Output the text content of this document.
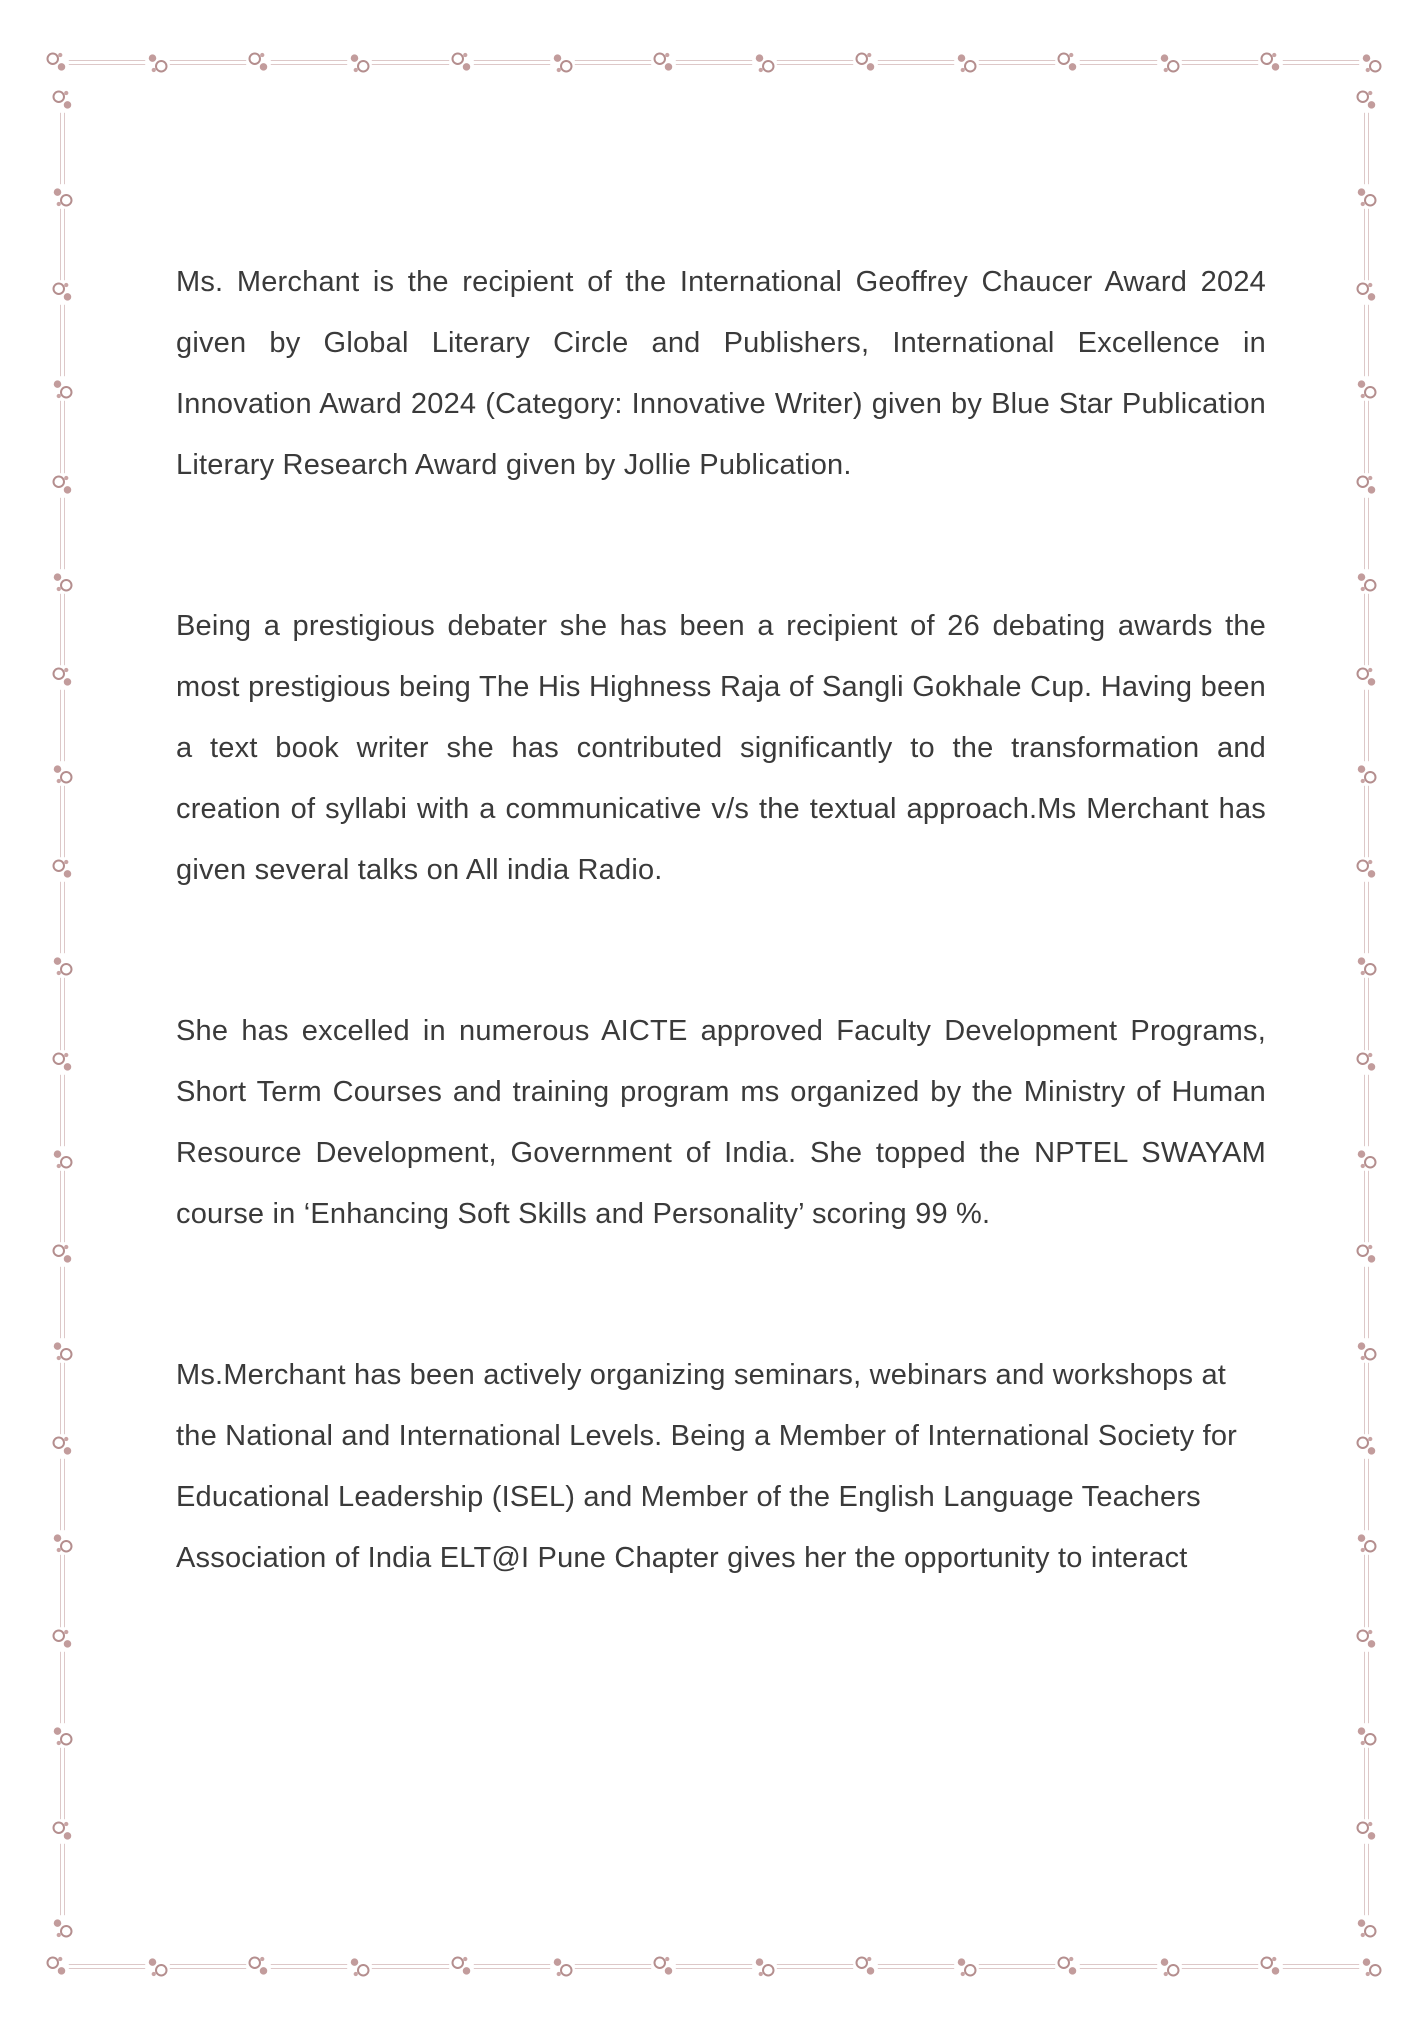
Ms. Merchant is the recipient of the International Geoffrey Chaucer Award 2024 given by Global Literary Circle and Publishers, International Excellence in Innovation Award 2024 (Category: Innovative Writer) given by Blue Star Publication Literary Research Award given by Jollie Publication.

Being a prestigious debater she has been a recipient of 26 debating awards the most prestigious being The His Highness Raja of Sangli Gokhale Cup. Having been a text book writer she has contributed significantly to the transformation and creation of syllabi with a communicative v/s the textual approach.Ms Merchant has given several talks on All india Radio.

She has excelled in numerous AICTE approved Faculty Development Programs, Short Term Courses and training program ms organized by the Ministry of Human Resource Development, Government of India. She topped the NPTEL SWAYAM course in ‘Enhancing Soft Skills and Personality’ scoring 99 %.

Ms.Merchant has been actively organizing seminars, webinars and workshops at the National and International Levels. Being a Member of International Society for Educational Leadership (ISEL) and Member of the English Language Teachers Association of India ELT@I Pune Chapter gives her the opportunity to interact
